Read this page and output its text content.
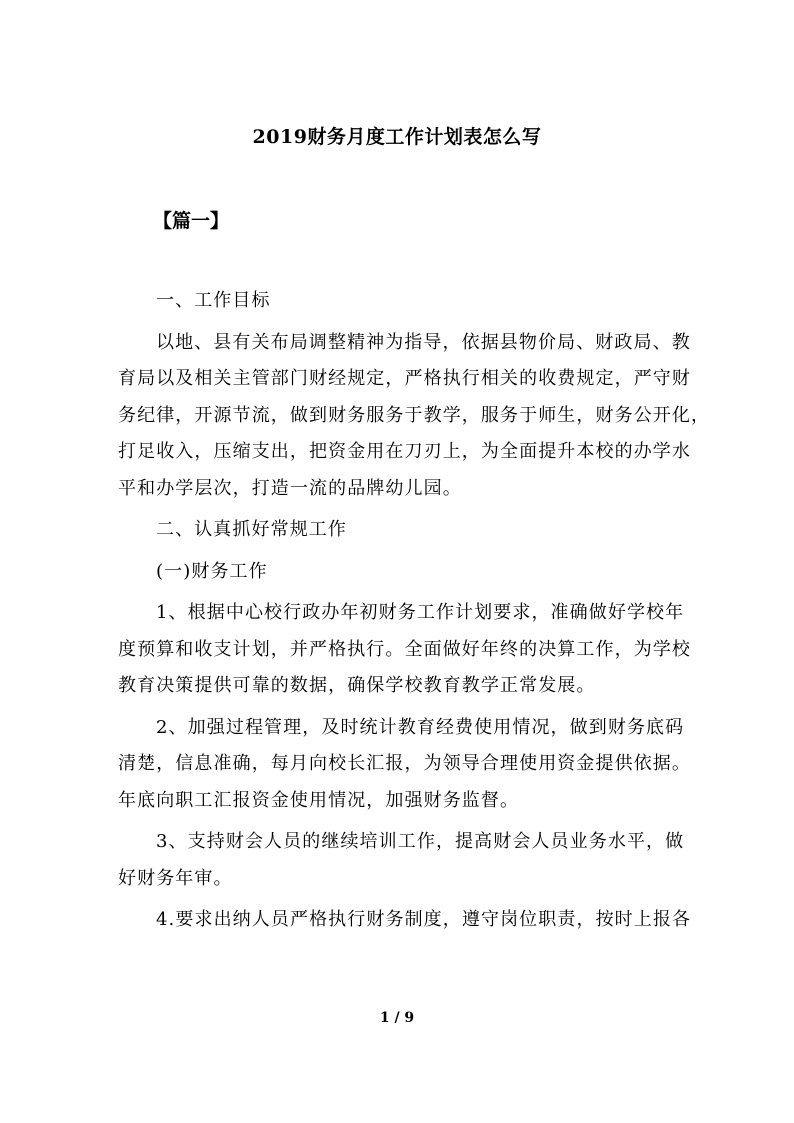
2019财务月度工作计划表怎么写
【篇一】
一、工作目标
以地、县有关布局调整精神为指导，依据县物价局、财政局、教
育局以及相关主管部门财经规定，严格执行相关的收费规定，严守财
务纪律，开源节流，做到财务服务于教学，服务于师生，财务公开化，
打足收入，压缩支出，把资金用在刀刃上，为全面提升本校的办学水
平和办学层次，打造一流的品牌幼儿园。
二、认真抓好常规工作
(一)财务工作
1、根据中心校行政办年初财务工作计划要求，准确做好学校年
度预算和收支计划，并严格执行。全面做好年终的决算工作，为学校
教育决策提供可靠的数据，确保学校教育教学正常发展。
2、加强过程管理，及时统计教育经费使用情况，做到财务底码
清楚，信息准确，每月向校长汇报，为领导合理使用资金提供依据。
年底向职工汇报资金使用情况，加强财务监督。
3、支持财会人员的继续培训工作，提高财会人员业务水平，做
好财务年审。
4.要求出纳人员严格执行财务制度，遵守岗位职责，按时上报各
1 / 9
